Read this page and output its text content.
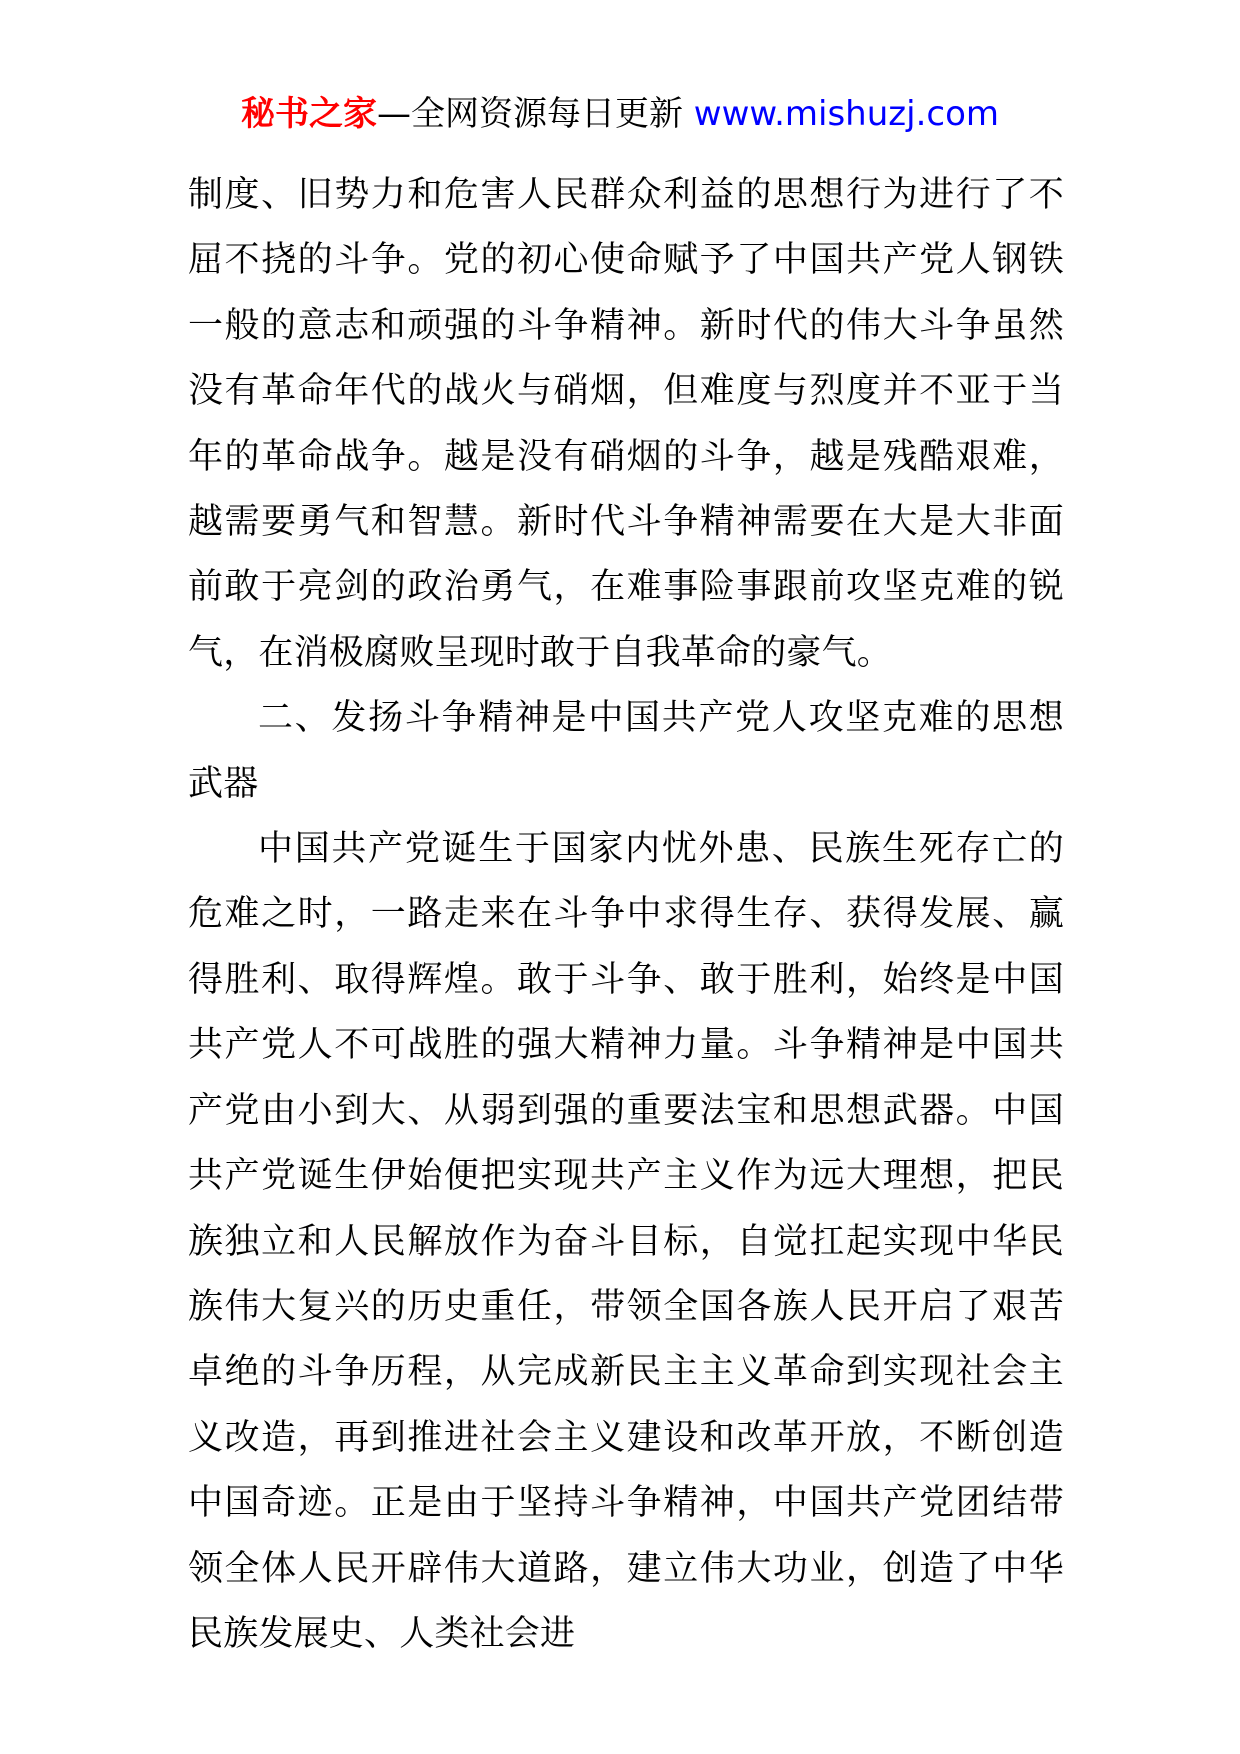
秘书之家—全网资源每日更新 www.mishuzj.com

制度、旧势力和危害人民群众利益的思想行为进行了不屈不挠的斗争。党的初心使命赋予了中国共产党人钢铁一般的意志和顽强的斗争精神。新时代的伟大斗争虽然没有革命年代的战火与硝烟，但难度与烈度并不亚于当年的革命战争。越是没有硝烟的斗争，越是残酷艰难，越需要勇气和智慧。新时代斗争精神需要在大是大非面前敢于亮剑的政治勇气，在难事险事跟前攻坚克难的锐气，在消极腐败呈现时敢于自我革命的豪气。

二、发扬斗争精神是中国共产党人攻坚克难的思想武器

中国共产党诞生于国家内忧外患、民族生死存亡的危难之时，一路走来在斗争中求得生存、获得发展、赢得胜利、取得辉煌。敢于斗争、敢于胜利，始终是中国共产党人不可战胜的强大精神力量。斗争精神是中国共产党由小到大、从弱到强的重要法宝和思想武器。中国共产党诞生伊始便把实现共产主义作为远大理想，把民族独立和人民解放作为奋斗目标，自觉扛起实现中华民族伟大复兴的历史重任，带领全国各族人民开启了艰苦卓绝的斗争历程，从完成新民主主义革命到实现社会主义改造，再到推进社会主义建设和改革开放，不断创造中国奇迹。正是由于坚持斗争精神，中国共产党团结带领全体人民开辟伟大道路，建立伟大功业，创造了中华民族发展史、人类社会进
